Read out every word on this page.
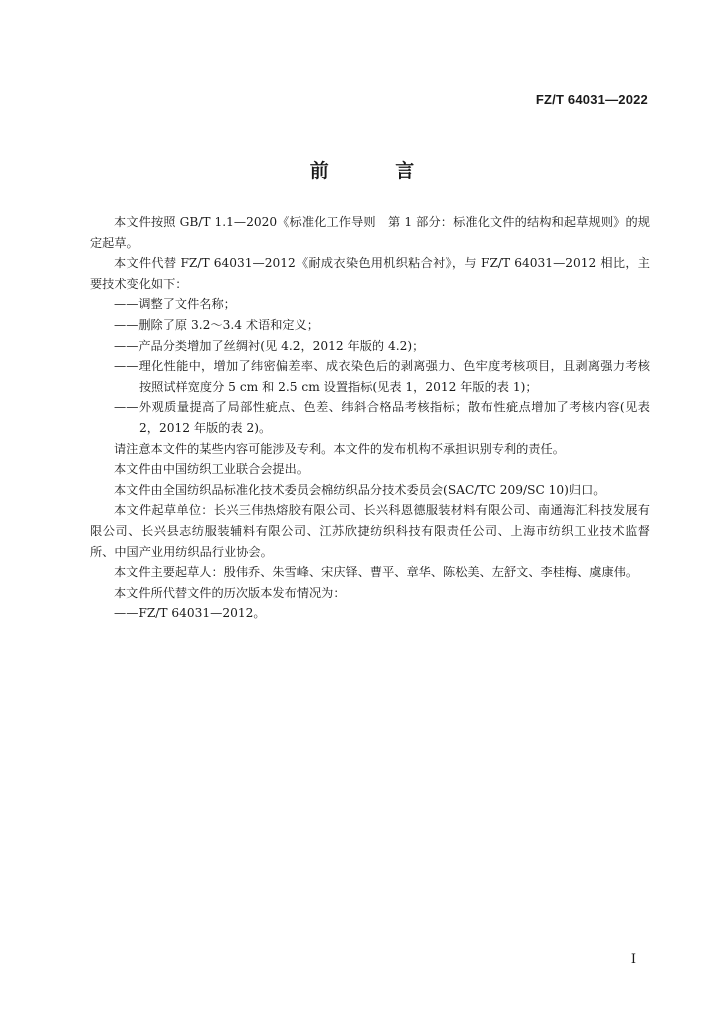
FZ/T 64031—2022
前 言

本文件按照 GB/T 1.1—2020《标准化工作导则　第 1 部分：标准化文件的结构和起草规则》的规定起草。

本文件代替 FZ/T 64031—2012《耐成衣染色用机织粘合衬》，与 FZ/T 64031—2012 相比，主要技术变化如下：

——调整了文件名称；

——删除了原 3.2～3.4 术语和定义；

——产品分类增加了丝绸衬(见 4.2，2012 年版的 4.2)；

——理化性能中，增加了纬密偏差率、成衣染色后的剥离强力、色牢度考核项目，且剥离强力考核按照试样宽度分 5 cm 和 2.5 cm 设置指标(见表 1，2012 年版的表 1)；

——外观质量提高了局部性疵点、色差、纬斜合格品考核指标；散布性疵点增加了考核内容(见表 2，2012 年版的表 2)。

请注意本文件的某些内容可能涉及专利。本文件的发布机构不承担识别专利的责任。

本文件由中国纺织工业联合会提出。

本文件由全国纺织品标准化技术委员会棉纺织品分技术委员会(SAC/TC 209/SC 10)归口。

本文件起草单位：长兴三伟热熔胶有限公司、长兴科恩德服装材料有限公司、南通海汇科技发展有限公司、长兴县志纺服装辅料有限公司、江苏欣捷纺织科技有限责任公司、上海市纺织工业技术监督所、中国产业用纺织品行业协会。

本文件主要起草人：殷伟乔、朱雪峰、宋庆铎、曹平、章华、陈松美、左舒文、李桂梅、虞康伟。

本文件所代替文件的历次版本发布情况为：

——FZ/T 64031—2012。

I
